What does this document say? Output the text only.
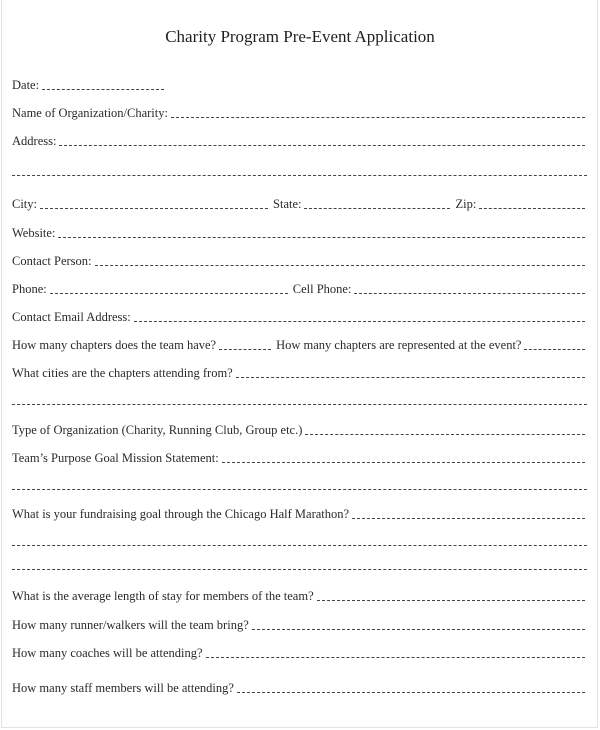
Charity Program Pre-Event Application
Date:
Name of Organization/Charity:
Address:
City:	State:	Zip:
Website:
Contact Person:
Phone:	Cell Phone:
Contact Email Address:
How many chapters does the team have?	How many chapters are represented at the event?
What cities are the chapters attending from?
Type of Organization (Charity, Running Club, Group etc.)
Team’s Purpose Goal Mission Statement:
What is your fundraising goal through the Chicago Half Marathon?
What is the average length of stay for members of the team?
How many runner/walkers will the team bring?
How many coaches will be attending?
How many staff members will be attending?
